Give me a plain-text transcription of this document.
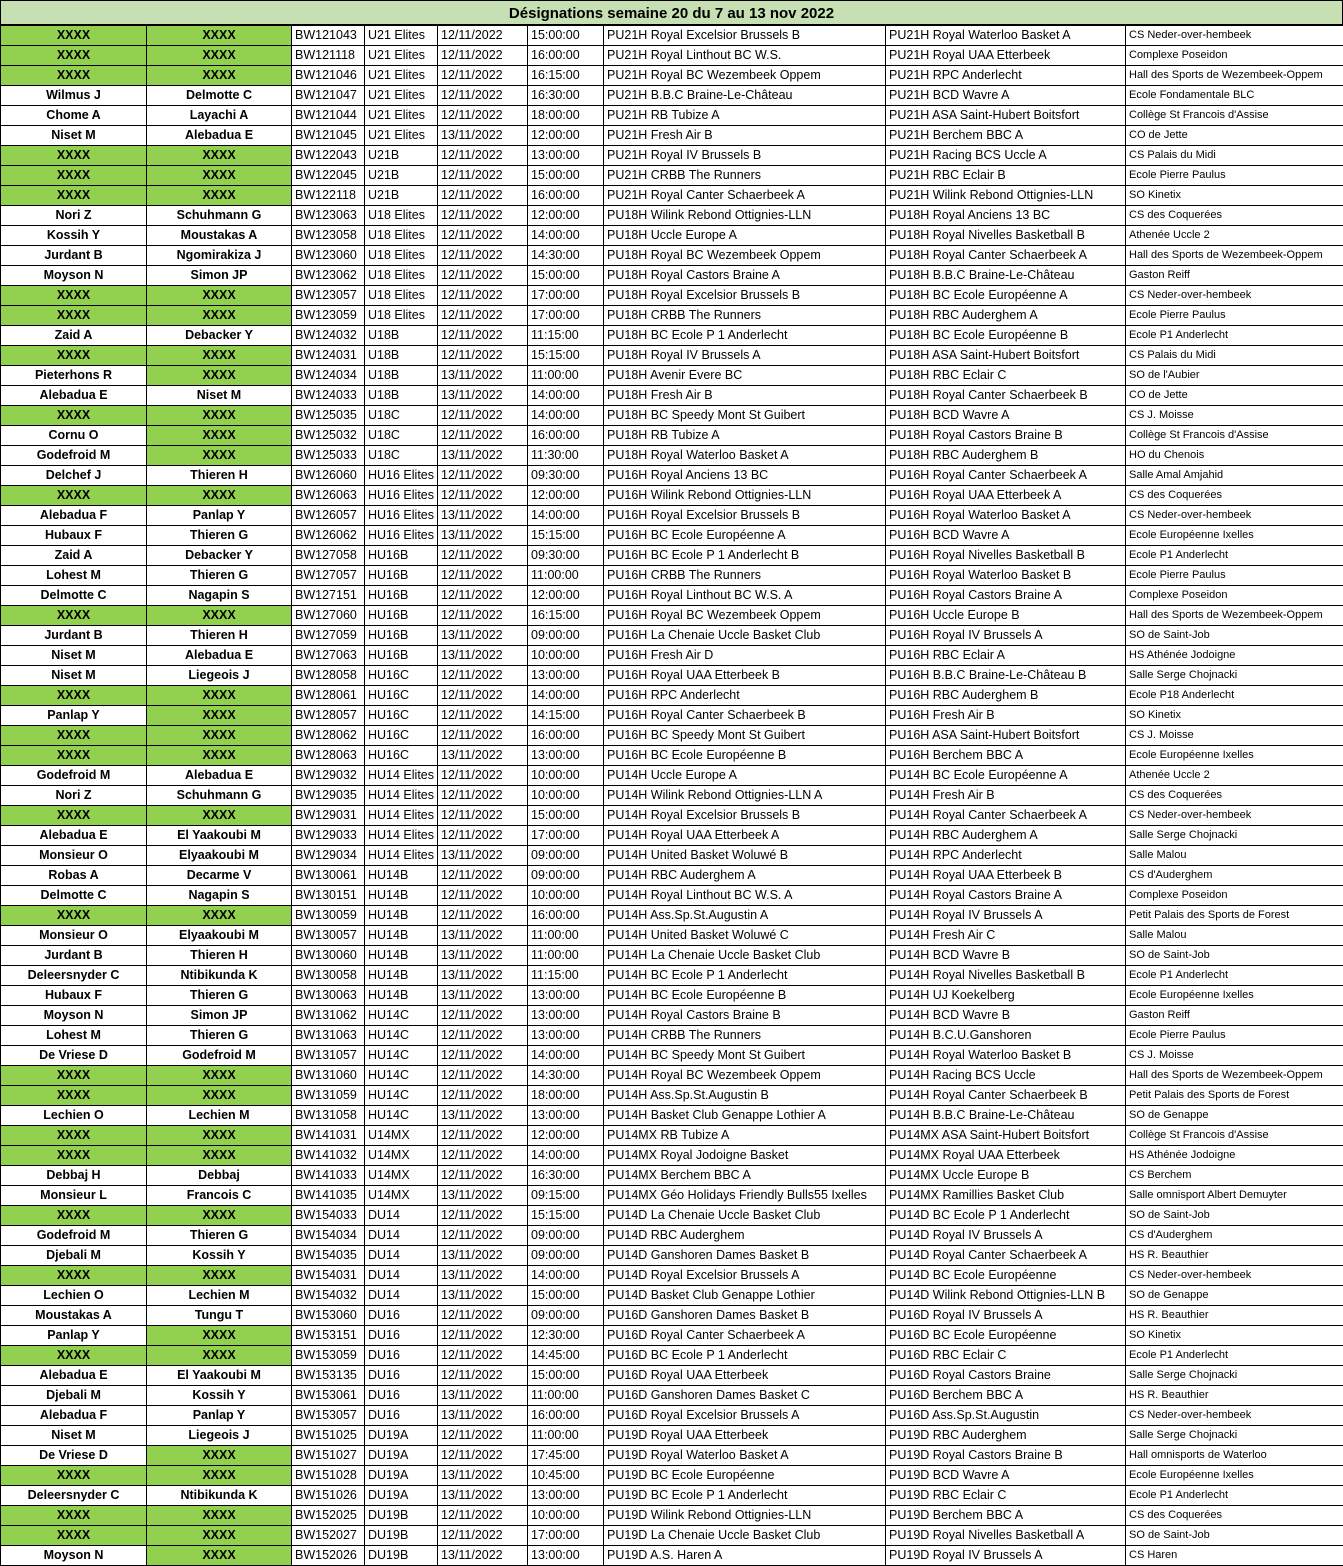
Désignations semaine 20 du 7 au 13 nov 2022
XXXX	XXXX	BW121043	U21 Elites	12/11/2022	15:00:00	PU21H Royal Excelsior Brussels B	PU21H Royal Waterloo Basket A	CS Neder-over-hembeek
XXXX	XXXX	BW121118	U21 Elites	12/11/2022	16:00:00	PU21H Royal Linthout BC W.S.	PU21H Royal UAA Etterbeek	Complexe Poseidon
XXXX	XXXX	BW121046	U21 Elites	12/11/2022	16:15:00	PU21H Royal BC Wezembeek Oppem	PU21H RPC Anderlecht	Hall des Sports de Wezembeek-Oppem
Wilmus J	Delmotte C	BW121047	U21 Elites	12/11/2022	16:30:00	PU21H B.B.C Braine-Le-Château	PU21H BCD Wavre A	Ecole Fondamentale BLC
Chome A	Layachi A	BW121044	U21 Elites	12/11/2022	18:00:00	PU21H RB Tubize A	PU21H ASA Saint-Hubert Boitsfort	Collège St Francois d'Assise
Niset M	Alebadua E	BW121045	U21 Elites	13/11/2022	12:00:00	PU21H Fresh Air B	PU21H Berchem BBC A	CO de Jette
XXXX	XXXX	BW122043	U21B	12/11/2022	13:00:00	PU21H Royal IV Brussels B	PU21H Racing BCS Uccle A	CS Palais du Midi
XXXX	XXXX	BW122045	U21B	12/11/2022	15:00:00	PU21H CRBB The Runners	PU21H RBC Eclair B	Ecole Pierre Paulus
XXXX	XXXX	BW122118	U21B	12/11/2022	16:00:00	PU21H Royal Canter Schaerbeek A	PU21H Wilink Rebond Ottignies-LLN	SO Kinetix
Nori Z	Schuhmann G	BW123063	U18 Elites	12/11/2022	12:00:00	PU18H Wilink Rebond Ottignies-LLN	PU18H Royal Anciens 13 BC	CS des Coquerées
Kossih Y	Moustakas A	BW123058	U18 Elites	12/11/2022	14:00:00	PU18H Uccle Europe A	PU18H Royal Nivelles Basketball B	Athenée Uccle 2
Jurdant B	Ngomirakiza J	BW123060	U18 Elites	12/11/2022	14:30:00	PU18H Royal BC Wezembeek Oppem	PU18H Royal Canter Schaerbeek A	Hall des Sports de Wezembeek-Oppem
Moyson N	Simon JP	BW123062	U18 Elites	12/11/2022	15:00:00	PU18H Royal Castors Braine A	PU18H B.B.C Braine-Le-Château	Gaston Reiff
XXXX	XXXX	BW123057	U18 Elites	12/11/2022	17:00:00	PU18H Royal Excelsior Brussels B	PU18H BC Ecole Européenne A	CS Neder-over-hembeek
XXXX	XXXX	BW123059	U18 Elites	12/11/2022	17:00:00	PU18H CRBB The Runners	PU18H RBC Auderghem A	Ecole Pierre Paulus
Zaid A	Debacker Y	BW124032	U18B	12/11/2022	11:15:00	PU18H BC Ecole P 1 Anderlecht	PU18H BC Ecole Européenne B	Ecole P1 Anderlecht
XXXX	XXXX	BW124031	U18B	12/11/2022	15:15:00	PU18H Royal IV Brussels A	PU18H ASA Saint-Hubert Boitsfort	CS Palais du Midi
Pieterhons R	XXXX	BW124034	U18B	13/11/2022	11:00:00	PU18H Avenir Evere BC	PU18H RBC Eclair C	SO de l'Aubier
Alebadua E	Niset M	BW124033	U18B	13/11/2022	14:00:00	PU18H Fresh Air B	PU18H Royal Canter Schaerbeek B	CO de Jette
XXXX	XXXX	BW125035	U18C	12/11/2022	14:00:00	PU18H BC Speedy Mont St Guibert	PU18H BCD Wavre A	CS J. Moisse
Cornu O	XXXX	BW125032	U18C	12/11/2022	16:00:00	PU18H RB Tubize A	PU18H Royal Castors Braine B	Collège St Francois d'Assise
Godefroid M	XXXX	BW125033	U18C	13/11/2022	11:30:00	PU18H Royal Waterloo Basket A	PU18H RBC Auderghem B	HO du Chenois
Delchef J	Thieren H	BW126060	HU16 Elites	12/11/2022	09:30:00	PU16H Royal Anciens 13 BC	PU16H Royal Canter Schaerbeek A	Salle Amal Amjahid
XXXX	XXXX	BW126063	HU16 Elites	12/11/2022	12:00:00	PU16H Wilink Rebond Ottignies-LLN	PU16H Royal UAA Etterbeek A	CS des Coquerées
Alebadua F	Panlap Y	BW126057	HU16 Elites	13/11/2022	14:00:00	PU16H Royal Excelsior Brussels B	PU16H Royal Waterloo Basket A	CS Neder-over-hembeek
Hubaux F	Thieren G	BW126062	HU16 Elites	13/11/2022	15:15:00	PU16H BC Ecole Européenne A	PU16H BCD Wavre A	Ecole Européenne Ixelles
Zaid A	Debacker Y	BW127058	HU16B	12/11/2022	09:30:00	PU16H BC Ecole P 1 Anderlecht B	PU16H Royal Nivelles Basketball B	Ecole P1 Anderlecht
Lohest M	Thieren G	BW127057	HU16B	12/11/2022	11:00:00	PU16H CRBB The Runners	PU16H Royal Waterloo Basket B	Ecole Pierre Paulus
Delmotte C	Nagapin S	BW127151	HU16B	12/11/2022	12:00:00	PU16H Royal Linthout BC W.S. A	PU16H Royal Castors Braine A	Complexe Poseidon
XXXX	XXXX	BW127060	HU16B	12/11/2022	16:15:00	PU16H Royal BC Wezembeek Oppem	PU16H Uccle Europe B	Hall des Sports de Wezembeek-Oppem
Jurdant B	Thieren H	BW127059	HU16B	13/11/2022	09:00:00	PU16H La Chenaie Uccle Basket Club	PU16H Royal IV Brussels A	SO de Saint-Job
Niset M	Alebadua E	BW127063	HU16B	13/11/2022	10:00:00	PU16H Fresh Air D	PU16H RBC Eclair A	HS Athénée Jodoigne
Niset M	Liegeois J	BW128058	HU16C	12/11/2022	13:00:00	PU16H Royal UAA Etterbeek B	PU16H B.B.C Braine-Le-Château B	Salle Serge Chojnacki
XXXX	XXXX	BW128061	HU16C	12/11/2022	14:00:00	PU16H RPC Anderlecht	PU16H RBC Auderghem B	Ecole P18 Anderlecht
Panlap Y	XXXX	BW128057	HU16C	12/11/2022	14:15:00	PU16H Royal Canter Schaerbeek B	PU16H Fresh Air B	SO Kinetix
XXXX	XXXX	BW128062	HU16C	12/11/2022	16:00:00	PU16H BC Speedy Mont St Guibert	PU16H ASA Saint-Hubert Boitsfort	CS J. Moisse
XXXX	XXXX	BW128063	HU16C	13/11/2022	13:00:00	PU16H BC Ecole Européenne B	PU16H Berchem BBC A	Ecole Européenne Ixelles
Godefroid M	Alebadua E	BW129032	HU14 Elites	12/11/2022	10:00:00	PU14H Uccle Europe A	PU14H BC Ecole Européenne A	Athenée Uccle 2
Nori Z	Schuhmann G	BW129035	HU14 Elites	12/11/2022	10:00:00	PU14H Wilink Rebond Ottignies-LLN A	PU14H Fresh Air B	CS des Coquerées
XXXX	XXXX	BW129031	HU14 Elites	12/11/2022	15:00:00	PU14H Royal Excelsior Brussels B	PU14H Royal Canter Schaerbeek A	CS Neder-over-hembeek
Alebadua E	El Yaakoubi M	BW129033	HU14 Elites	12/11/2022	17:00:00	PU14H Royal UAA Etterbeek A	PU14H RBC Auderghem A	Salle Serge Chojnacki
Monsieur O	Elyaakoubi M	BW129034	HU14 Elites	13/11/2022	09:00:00	PU14H United Basket Woluwé B	PU14H RPC Anderlecht	Salle Malou
Robas A	Decarme V	BW130061	HU14B	12/11/2022	09:00:00	PU14H RBC Auderghem A	PU14H Royal UAA Etterbeek B	CS d'Auderghem
Delmotte C	Nagapin S	BW130151	HU14B	12/11/2022	10:00:00	PU14H Royal Linthout BC W.S. A	PU14H Royal Castors Braine A	Complexe Poseidon
XXXX	XXXX	BW130059	HU14B	12/11/2022	16:00:00	PU14H Ass.Sp.St.Augustin A	PU14H Royal IV Brussels A	Petit Palais des Sports de Forest
Monsieur O	Elyaakoubi M	BW130057	HU14B	13/11/2022	11:00:00	PU14H United Basket Woluwé C	PU14H Fresh Air C	Salle Malou
Jurdant B	Thieren H	BW130060	HU14B	13/11/2022	11:00:00	PU14H La Chenaie Uccle Basket Club	PU14H BCD Wavre B	SO de Saint-Job
Deleersnyder C	Ntibikunda K	BW130058	HU14B	13/11/2022	11:15:00	PU14H BC Ecole P 1 Anderlecht	PU14H Royal Nivelles Basketball B	Ecole P1 Anderlecht
Hubaux F	Thieren G	BW130063	HU14B	13/11/2022	13:00:00	PU14H BC Ecole Européenne B	PU14H UJ Koekelberg	Ecole Européenne Ixelles
Moyson N	Simon JP	BW131062	HU14C	12/11/2022	13:00:00	PU14H Royal Castors Braine B	PU14H BCD Wavre B	Gaston Reiff
Lohest M	Thieren G	BW131063	HU14C	12/11/2022	13:00:00	PU14H CRBB The Runners	PU14H B.C.U.Ganshoren	Ecole Pierre Paulus
De Vriese D	Godefroid M	BW131057	HU14C	12/11/2022	14:00:00	PU14H BC Speedy Mont St Guibert	PU14H Royal Waterloo Basket B	CS J. Moisse
XXXX	XXXX	BW131060	HU14C	12/11/2022	14:30:00	PU14H Royal BC Wezembeek Oppem	PU14H Racing BCS Uccle	Hall des Sports de Wezembeek-Oppem
XXXX	XXXX	BW131059	HU14C	12/11/2022	18:00:00	PU14H Ass.Sp.St.Augustin B	PU14H Royal Canter Schaerbeek B	Petit Palais des Sports de Forest
Lechien O	Lechien M	BW131058	HU14C	13/11/2022	13:00:00	PU14H Basket Club Genappe Lothier A	PU14H B.B.C Braine-Le-Château	SO de Genappe
XXXX	XXXX	BW141031	U14MX	12/11/2022	12:00:00	PU14MX RB Tubize A	PU14MX ASA Saint-Hubert Boitsfort	Collège St Francois d'Assise
XXXX	XXXX	BW141032	U14MX	12/11/2022	14:00:00	PU14MX Royal Jodoigne Basket	PU14MX Royal UAA Etterbeek	HS Athénée Jodoigne
Debbaj H	Debbaj	BW141033	U14MX	12/11/2022	16:30:00	PU14MX Berchem BBC A	PU14MX Uccle Europe B	CS Berchem
Monsieur L	Francois C	BW141035	U14MX	13/11/2022	09:15:00	PU14MX Géo Holidays Friendly Bulls55 Ixelles	PU14MX Ramillies Basket Club	Salle omnisport Albert Demuyter
XXXX	XXXX	BW154033	DU14	12/11/2022	15:15:00	PU14D La Chenaie Uccle Basket Club	PU14D BC Ecole P 1 Anderlecht	SO de Saint-Job
Godefroid M	Thieren G	BW154034	DU14	12/11/2022	09:00:00	PU14D RBC Auderghem	PU14D Royal IV Brussels A	CS d'Auderghem
Djebali M	Kossih Y	BW154035	DU14	13/11/2022	09:00:00	PU14D Ganshoren Dames Basket B	PU14D Royal Canter Schaerbeek A	HS R. Beauthier
XXXX	XXXX	BW154031	DU14	13/11/2022	14:00:00	PU14D Royal Excelsior Brussels A	PU14D BC Ecole Européenne	CS Neder-over-hembeek
Lechien O	Lechien M	BW154032	DU14	13/11/2022	15:00:00	PU14D Basket Club Genappe Lothier	PU14D Wilink Rebond Ottignies-LLN B	SO de Genappe
Moustakas A	Tungu T	BW153060	DU16	12/11/2022	09:00:00	PU16D Ganshoren Dames Basket B	PU16D Royal IV Brussels A	HS R. Beauthier
Panlap Y	XXXX	BW153151	DU16	12/11/2022	12:30:00	PU16D Royal Canter Schaerbeek A	PU16D BC Ecole Européenne	SO Kinetix
XXXX	XXXX	BW153059	DU16	12/11/2022	14:45:00	PU16D BC Ecole P 1 Anderlecht	PU16D RBC Eclair C	Ecole P1 Anderlecht
Alebadua E	El Yaakoubi M	BW153135	DU16	12/11/2022	15:00:00	PU16D Royal UAA Etterbeek	PU16D Royal Castors Braine	Salle Serge Chojnacki
Djebali M	Kossih Y	BW153061	DU16	13/11/2022	11:00:00	PU16D Ganshoren Dames Basket C	PU16D Berchem BBC A	HS R. Beauthier
Alebadua F	Panlap Y	BW153057	DU16	13/11/2022	16:00:00	PU16D Royal Excelsior Brussels A	PU16D Ass.Sp.St.Augustin	CS Neder-over-hembeek
Niset M	Liegeois J	BW151025	DU19A	12/11/2022	11:00:00	PU19D Royal UAA Etterbeek	PU19D RBC Auderghem	Salle Serge Chojnacki
De Vriese D	XXXX	BW151027	DU19A	12/11/2022	17:45:00	PU19D Royal Waterloo Basket A	PU19D Royal Castors Braine B	Hall omnisports de Waterloo
XXXX	XXXX	BW151028	DU19A	13/11/2022	10:45:00	PU19D BC Ecole Européenne	PU19D BCD Wavre A	Ecole Européenne Ixelles
Deleersnyder C	Ntibikunda K	BW151026	DU19A	13/11/2022	13:00:00	PU19D BC Ecole P 1 Anderlecht	PU19D RBC Eclair C	Ecole P1 Anderlecht
XXXX	XXXX	BW152025	DU19B	12/11/2022	10:00:00	PU19D Wilink Rebond Ottignies-LLN	PU19D Berchem BBC A	CS des Coquerées
XXXX	XXXX	BW152027	DU19B	12/11/2022	17:00:00	PU19D La Chenaie Uccle Basket Club	PU19D Royal Nivelles Basketball A	SO de Saint-Job
Moyson N	XXXX	BW152026	DU19B	13/11/2022	13:00:00	PU19D A.S. Haren A	PU19D Royal IV Brussels A	CS Haren
